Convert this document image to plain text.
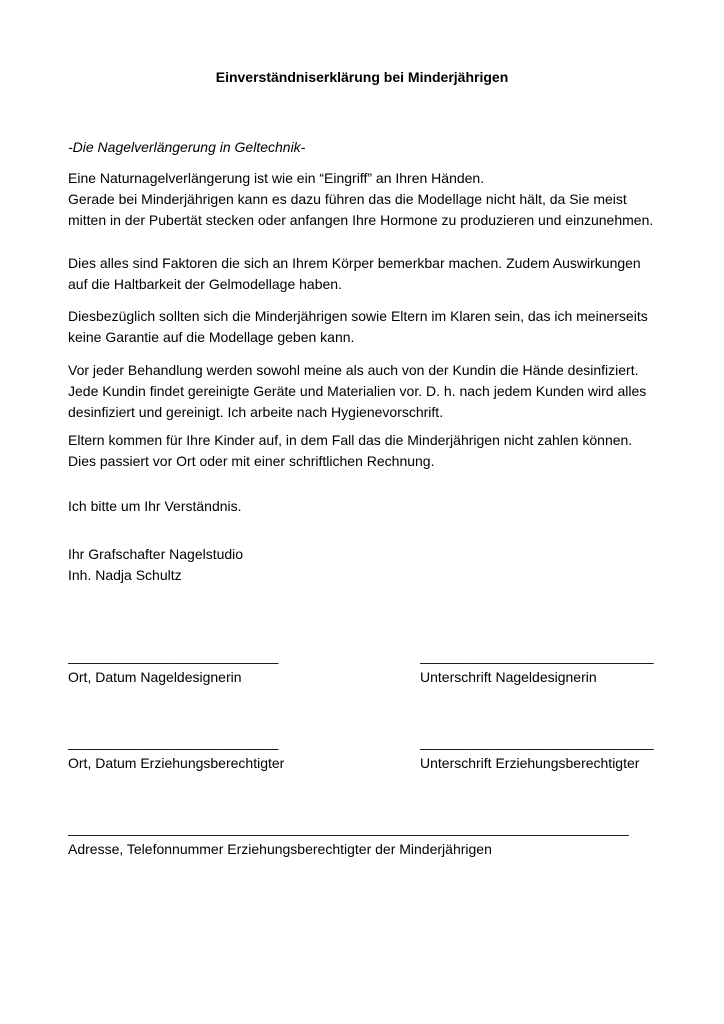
Einverständniserklärung bei Minderjährigen
-Die Nagelverlängerung in Geltechnik-
Eine Naturnagelverlängerung ist wie ein “Eingriff” an Ihren Händen.
Gerade bei Minderjährigen kann es dazu führen das die Modellage nicht hält, da Sie meist mitten in der Pubertät stecken oder anfangen Ihre Hormone zu produzieren und einzunehmen.
Dies alles sind Faktoren die sich an Ihrem Körper bemerkbar machen. Zudem Auswirkungen auf die Haltbarkeit der Gelmodellage haben.
Diesbezüglich sollten sich die Minderjährigen sowie Eltern im Klaren sein, das ich meinerseits keine Garantie auf die Modellage geben kann.
Vor jeder Behandlung werden sowohl meine als auch von der Kundin die Hände desinfiziert. Jede Kundin findet gereinigte Geräte und Materialien vor. D. h. nach jedem Kunden wird alles desinfiziert und gereinigt. Ich arbeite nach Hygienevorschrift.
Eltern kommen für Ihre Kinder auf, in dem Fall das die Minderjährigen nicht zahlen können. Dies passiert vor Ort oder mit einer schriftlichen Rechnung.
Ich bitte um Ihr Verständnis.
Ihr Grafschafter Nagelstudio
Inh. Nadja Schultz
___________________________
Ort, Datum Nageldesignerin
______________________________
Unterschrift Nageldesignerin
___________________________
Ort, Datum Erziehungsberechtigter
______________________________
Unterschrift Erziehungsberechtigter
________________________________________________________________________
Adresse, Telefonnummer Erziehungsberechtigter der Minderjährigen
